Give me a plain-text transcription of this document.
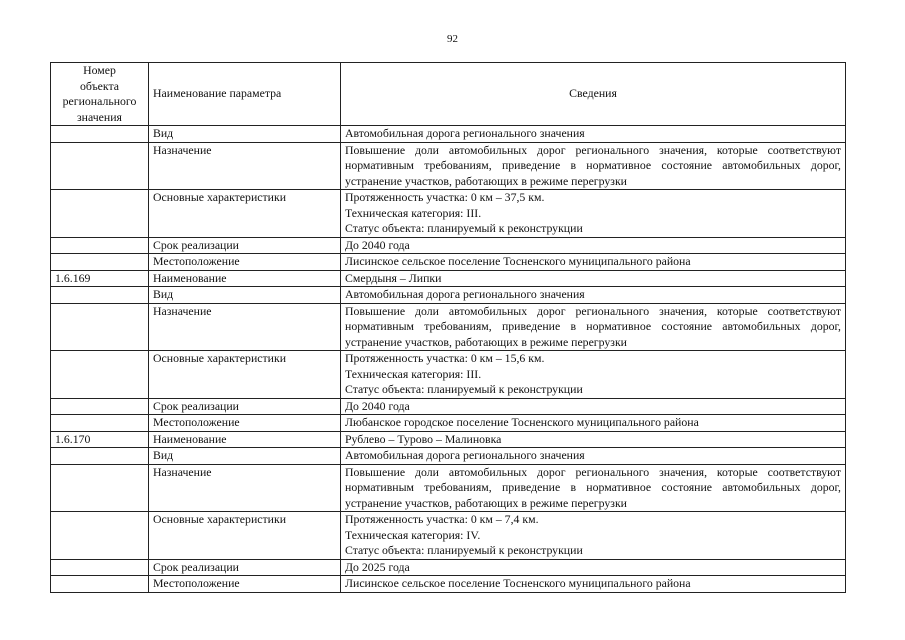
92
Номер
объекта
регионального
значения	Наименование параметра	Сведения
	Вид	Автомобильная дорога регионального значения

	Назначение	Повышение доли автомобильных дорог регионального значения, которые соответствуют нормативным требованиям, приведение в нормативное состояние автомобильных дорог, устранение участков, работающих в режиме перегрузки

	Основные характеристики	Протяженность участка: 0 км – 37,5 км.
Техническая категория: III.
Статус объекта: планируемый к реконструкции

	Срок реализации	До 2040 года

	Местоположение	Лисинское сельское поселение Тосненского муниципального района

1.6.169	Наименование	Смердыня – Липки

	Вид	Автомобильная дорога регионального значения

	Назначение	Повышение доли автомобильных дорог регионального значения, которые соответствуют нормативным требованиям, приведение в нормативное состояние автомобильных дорог, устранение участков, работающих в режиме перегрузки

	Основные характеристики	Протяженность участка: 0 км – 15,6 км.
Техническая категория: III.
Статус объекта: планируемый к реконструкции

	Срок реализации	До 2040 года

	Местоположение	Любанское городское поселение Тосненского муниципального района

1.6.170	Наименование	Рублево – Турово – Малиновка

	Вид	Автомобильная дорога регионального значения

	Назначение	Повышение доли автомобильных дорог регионального значения, которые соответствуют нормативным требованиям, приведение в нормативное состояние автомобильных дорог, устранение участков, работающих в режиме перегрузки

	Основные характеристики	Протяженность участка: 0 км – 7,4 км.
Техническая категория: IV.
Статус объекта: планируемый к реконструкции

	Срок реализации	До 2025 года

	Местоположение	Лисинское сельское поселение Тосненского муниципального района
